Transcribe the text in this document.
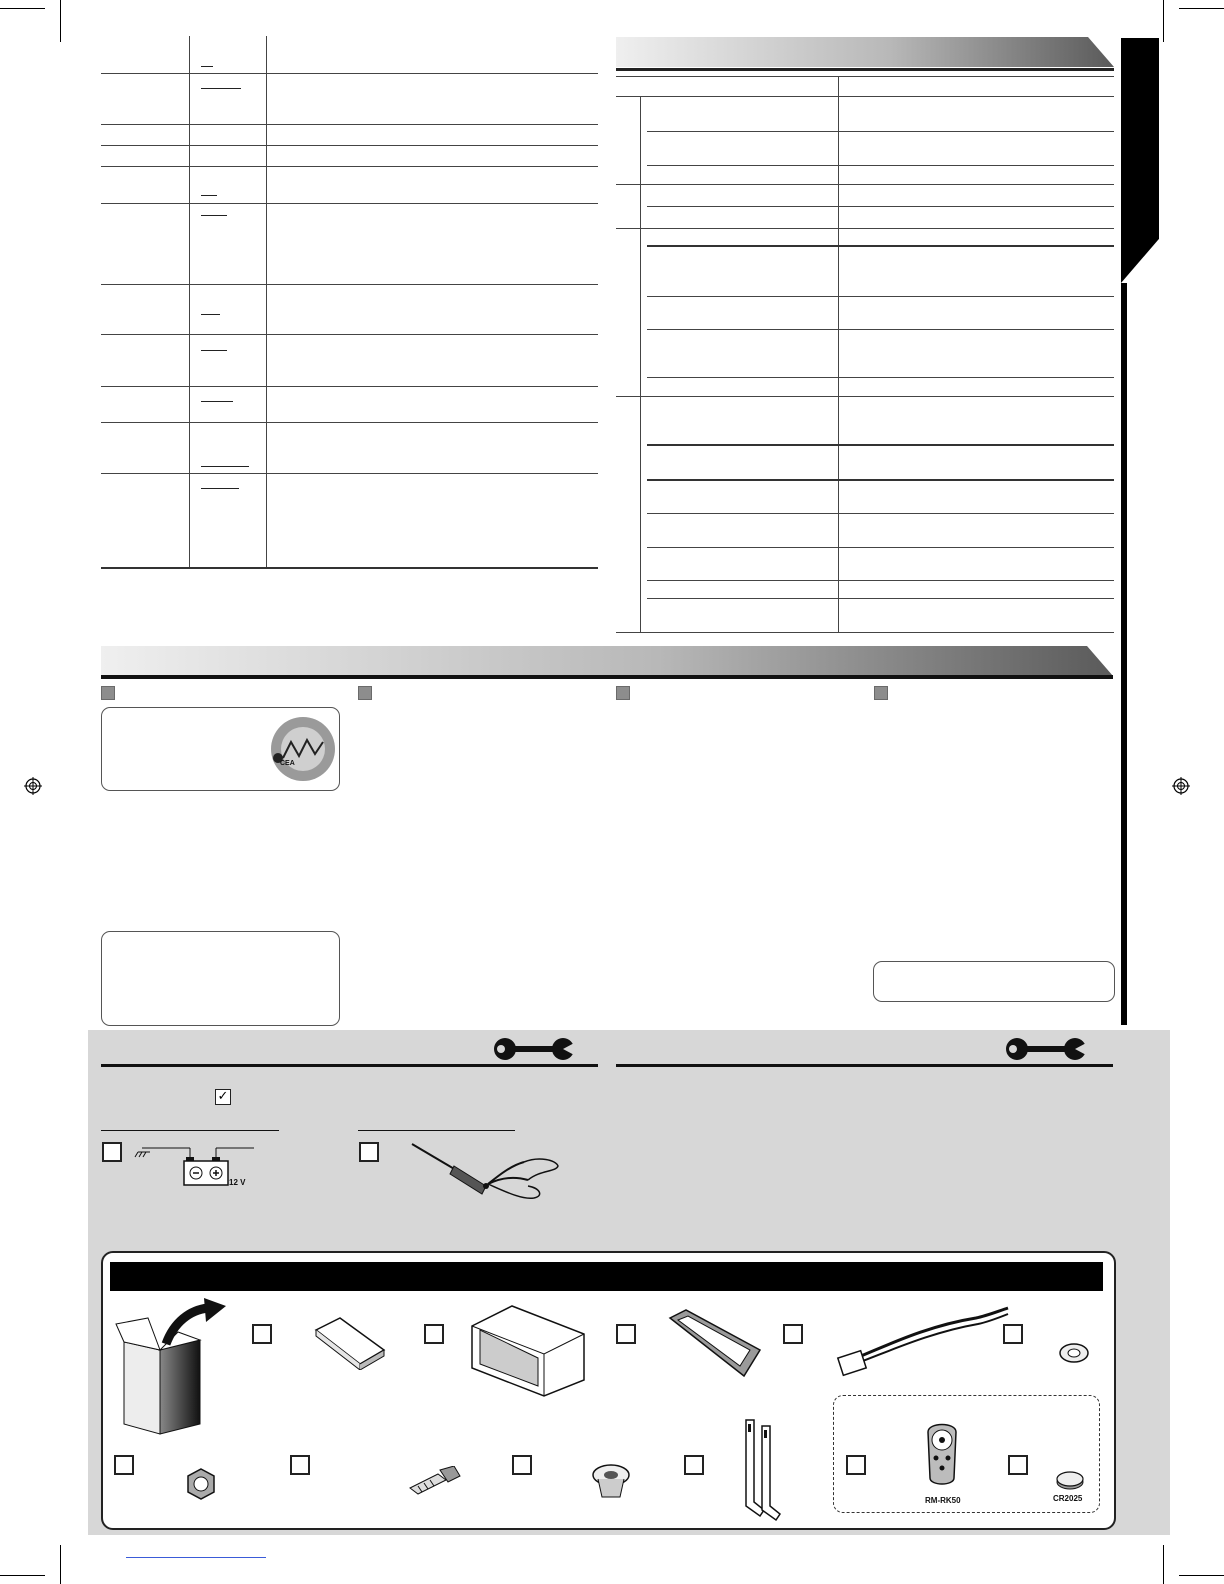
CEA
✓
12 V
RM-RK50	CR2025
